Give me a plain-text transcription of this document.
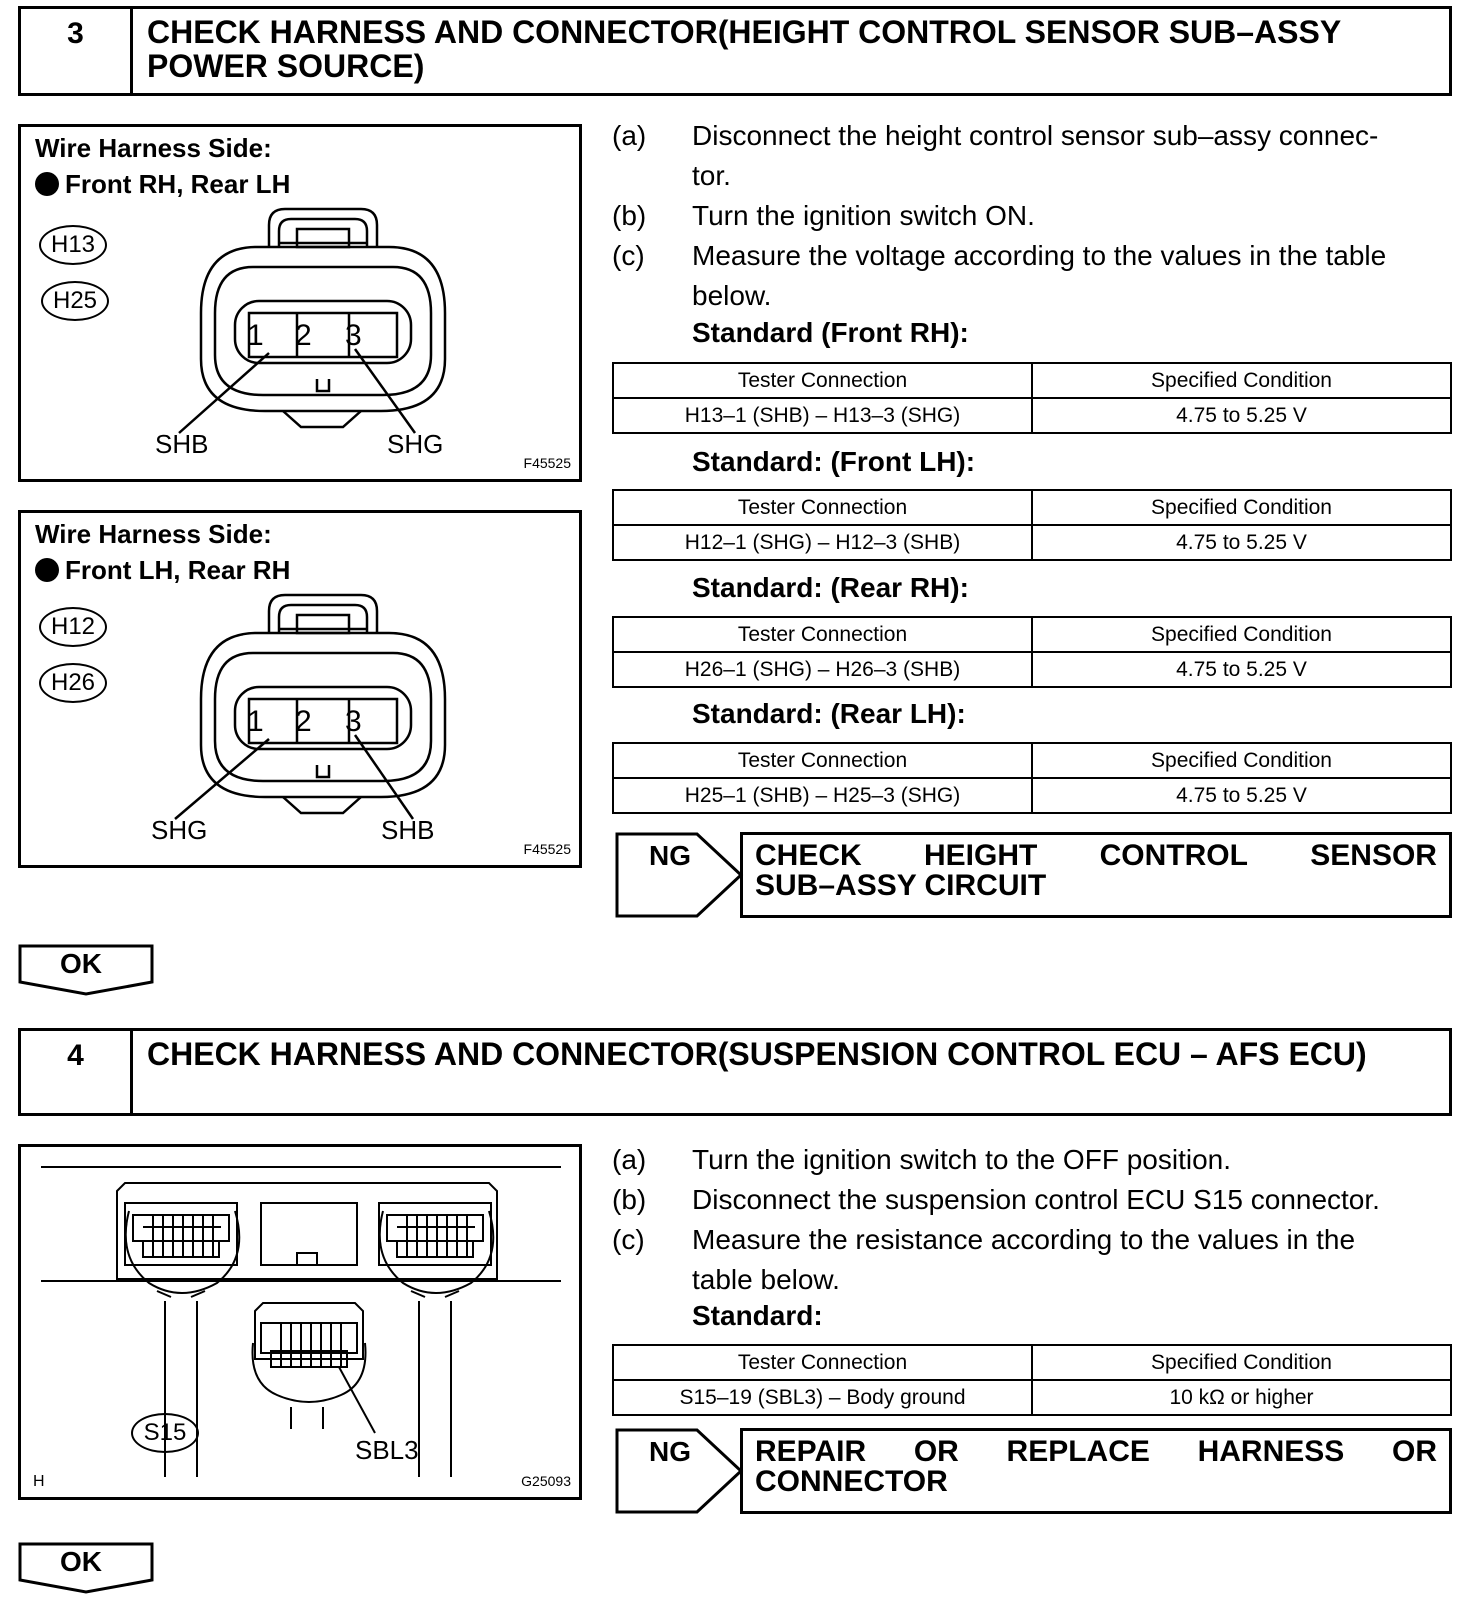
3	CHECK HARNESS AND CONNECTOR(HEIGHT CONTROL SENSOR SUB–ASSY POWER SOURCE)
Wire Harness Side:
Front RH, Rear LH
H13
H25
1 2 3
SHB	SHG
F45525
Wire Harness Side:
Front LH, Rear RH
H12
H26
1 2 3
SHG	SHB
F45525
(a) Disconnect the height control sensor sub–assy connec-
tor.
(b) Turn the ignition switch ON.
(c) Measure the voltage according to the values in the table
below.
Standard (Front RH):
Tester Connection	Specified Condition
H13–1 (SHB) – H13–3 (SHG)	4.75 to 5.25 V
Standard: (Front LH):
Tester Connection	Specified Condition
H12–1 (SHG) – H12–3 (SHB)	4.75 to 5.25 V
Standard: (Rear RH):
Tester Connection	Specified Condition
H26–1 (SHG) – H26–3 (SHB)	4.75 to 5.25 V
Standard: (Rear LH):
Tester Connection	Specified Condition
H25–1 (SHB) – H25–3 (SHG)	4.75 to 5.25 V
NG CHECK HEIGHT CONTROL SENSOR
SUB–ASSY CIRCUIT
OK
4	CHECK HARNESS AND CONNECTOR(SUSPENSION CONTROL ECU – AFS ECU)
S15
SBL3
H	G25093
(a) Turn the ignition switch to the OFF position.
(b) Disconnect the suspension control ECU S15 connector.
(c) Measure the resistance according to the values in the
table below.
Standard:
Tester Connection	Specified Condition
S15–19 (SBL3) – Body ground	10 kΩ or higher
NG REPAIR OR REPLACE HARNESS OR
CONNECTOR
OK
